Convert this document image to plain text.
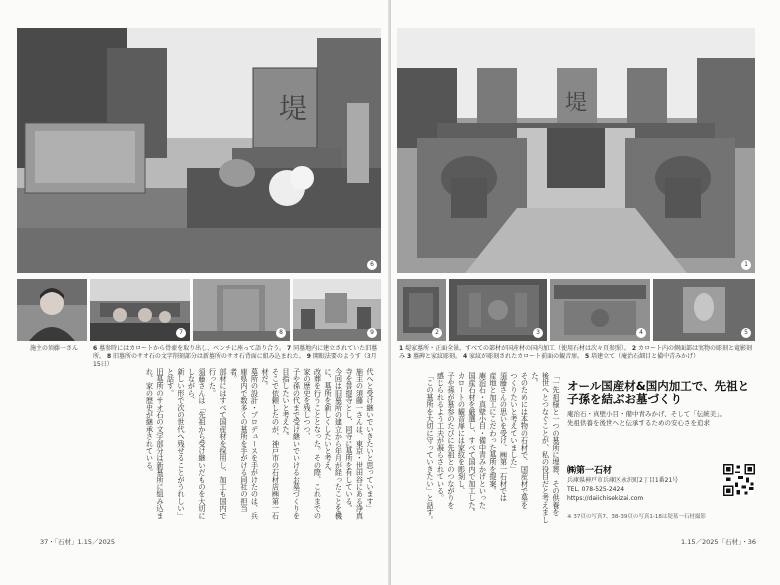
堤
6
7	8	9
施主の須藤一さん	6 墓参時にはカロートから骨壷を取り出し、ベンチに座って語り合う。 7 同墓地内に建立されていた旧墓所。 8 旧墓所のサオ石の文字削刻部分は新墓所のサオ石背面に組み込まれた。 9 開眼法要のようす（3月15日）

代へと受け継いでいきたいと思っています」

施主の須藤一さんは、東京・世田谷にある浄真寺を菩提寺とし、同寺に墓所を有している。

今回は旧墓所の建立から年月が経ったことを機に、墓所を新しくしたいと考え、

改葬を行うこととなった。その際、これまでの家の歴史を残しつつ、

子や孫の代まで受け継いでいけるお墓づくりを目指したいと考えた。

そこで依頼したのが、神戸市の石材店㈱第一石材だ。

墓所の設計・プロデュースを手がけたのは、兵庫県内で数多くの墓所を手がける同社の担当者。

部材にはすべて国産材を採用し、加工も国内で行った。

須藤さんは「先祖から受け継いだものを大切にしながら、

新しい形で次の世代へ残せることがうれしい」と話す。

旧墓所のサオ石の文字部分は新墓所に組み込まれ、家の歴史が継承されている。

37・「石材」1.15／2025
堤
1
2	3	4	5
1 堤家墓所・正面全景。すべての部材が国産材の国内加工（使用石材は次々頁参照）。 2 カロート内の側面部は実物の彫刻と竜影刻み 3 墓碑と家紋彫刻。 4 家紋が彫刻されたカロート前面の観音扉。 5 培建立て（庵治石細目と備中青みかげ）

「一先祖様と一つの墓所に埋葬、その供養を

後世へとつなぐことが、私の役目だと考えました。

そのためには本物の石材で、国産材で墓を

つくりたいと考えていました」

須藤さんの思いを受け、㈱第一石材では

産地と加工にこだわった墓所を提案。

庵治石・真壁小目・備中青みかげといった

国産石材を厳選し、すべて国内で加工した。

カロートの観音扉には家紋を彫刻し、

子や孫が墓参のたびに先祖とのつながりを

感じられるよう工夫が凝らされている。

「この墓所を大切に守っていきたい」と話す。	オール国産材&国内加工で、先祖と子孫を結ぶお墓づくり
庵治石・真壁小目・備中青みかげ、そして「伝統美」。
先祖供養を後世へと伝承するための安心さを追求
㈱第一石材
兵庫県神戸市兵庫区永沢町2丁目1番21号
TEL. 078-525-2424
https://daiichisekizai.com
※ 37頁の写真7、38-39頁の写真1-18は堤墓一石材撮影
1.15／2025「石材」・36
